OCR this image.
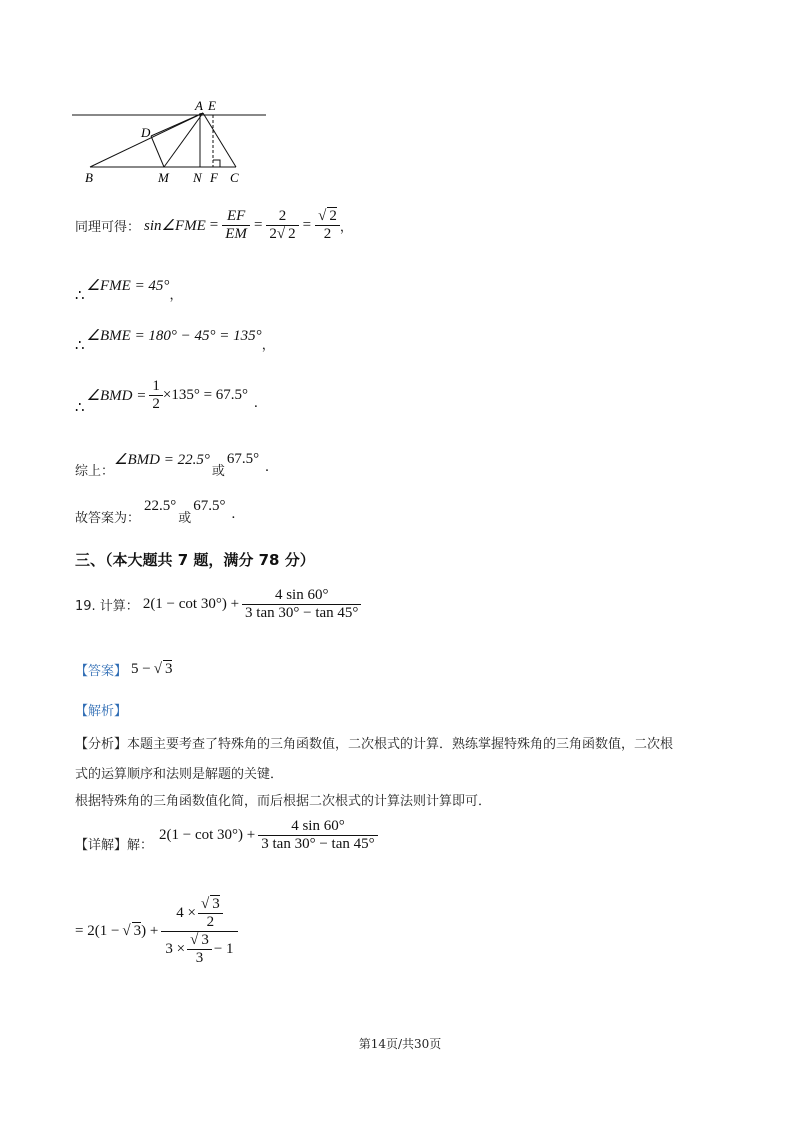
A E
D
B	M N F C
同理可得： sin∠FME = $\frac{EF}{EM} = \frac{2}{2√ 2} = \frac{√ 2}{2}$ ，
∴
∠FME = 45°
，
∴
∠BME = 180° − 45° = 135°
，
∴
∠BMD = $\frac{1}{2} \times 135^\circ = 67.5^\circ$ .
综上：
∠BMD = 22.5°
或
67.5° .
故答案为：
22.5°
或
67.5° .
三、（本大题共 7 题，满分 78 分）
19. 计算： $2(1 - \cot 30^\circ) + \frac{4 \sin 60^\circ}{3 \tan 30^\circ - \tan 45^\circ}$
【答案】 5 − √ 3
【解析】
【分析】本题主要考查了特殊角的三角函数值，二次根式的计算．熟练掌握特殊角的三角函数值，二次根
式的运算顺序和法则是解题的关键．
根据特殊角的三角函数值化简，而后根据二次根式的计算法则计算即可．
【详解】 解：
$2(1 - \cot 30^\circ) + \frac{4 \sin 60^\circ}{3 \tan 30^\circ - \tan 45^\circ}$
= 2(1 − √ 3 ) + $\frac{4 \times \frac{√ 3}{2}}{3 \times \frac{√ 3}{3} - 1}$
第14页/共30页
